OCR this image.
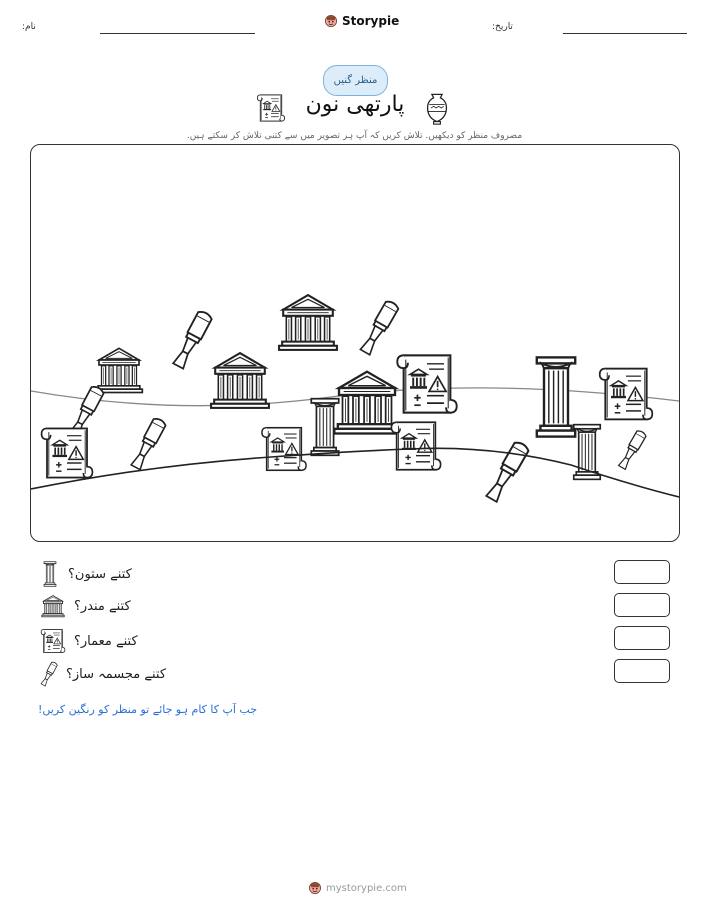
نام:	Storypie	تاریخ:
منظر گنیں
پارتھی نون
مصروف منظر کو دیکھیں. تلاش کریں کہ آپ ہر تصویر میں سے کتنی تلاش کر سکتے ہیں.
کتنے ستون؟
کتنے مندر؟
کتنے معمار؟
کتنے مجسمہ ساز؟
جب آپ کا کام ہو جائے تو منظر کو رنگین کریں!
mystorypie.com
